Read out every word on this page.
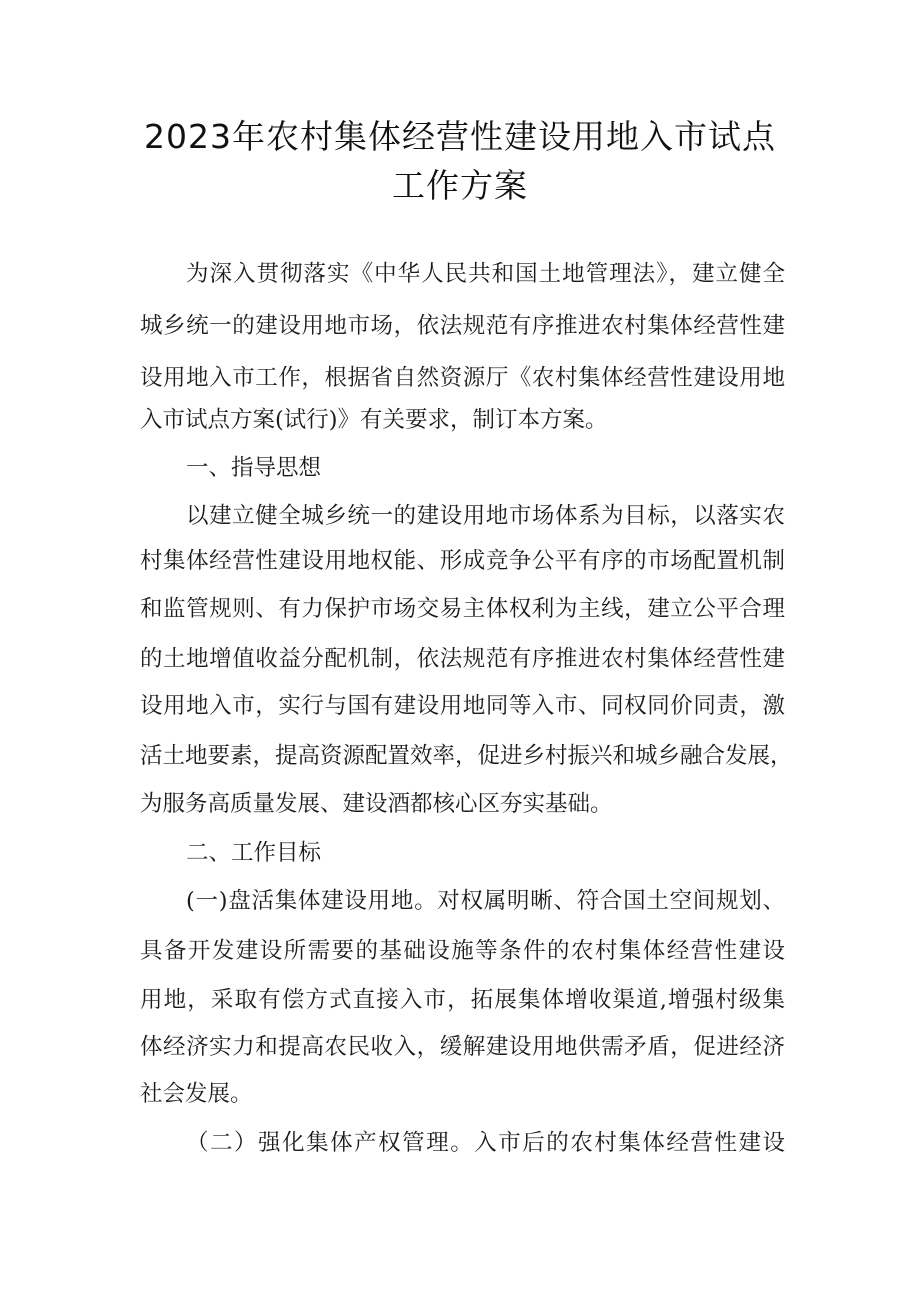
2023年农村集体经营性建设用地入市试点
工作方案
为深入贯彻落实《中华人民共和国土地管理法》，建立健全
城乡统一的建设用地市场，依法规范有序推进农村集体经营性建
设用地入市工作，根据省自然资源厅《农村集体经营性建设用地
入市试点方案(试行)》有关要求，制订本方案。
一、指导思想
以建立健全城乡统一的建设用地市场体系为目标，以落实农
村集体经营性建设用地权能、形成竞争公平有序的市场配置机制
和监管规则、有力保护市场交易主体权利为主线，建立公平合理
的土地增值收益分配机制，依法规范有序推进农村集体经营性建
设用地入市，实行与国有建设用地同等入市、同权同价同责，激
活土地要素，提高资源配置效率，促进乡村振兴和城乡融合发展，
为服务高质量发展、建设酒都核心区夯实基础。
二、工作目标
(一)盘活集体建设用地。对权属明晰、符合国土空间规划、
具备开发建设所需要的基础设施等条件的农村集体经营性建设
用地，采取有偿方式直接入市，拓展集体增收渠道,增强村级集
体经济实力和提高农民收入，缓解建设用地供需矛盾，促进经济
社会发展。
（二）强化集体产权管理。入市后的农村集体经营性建设
